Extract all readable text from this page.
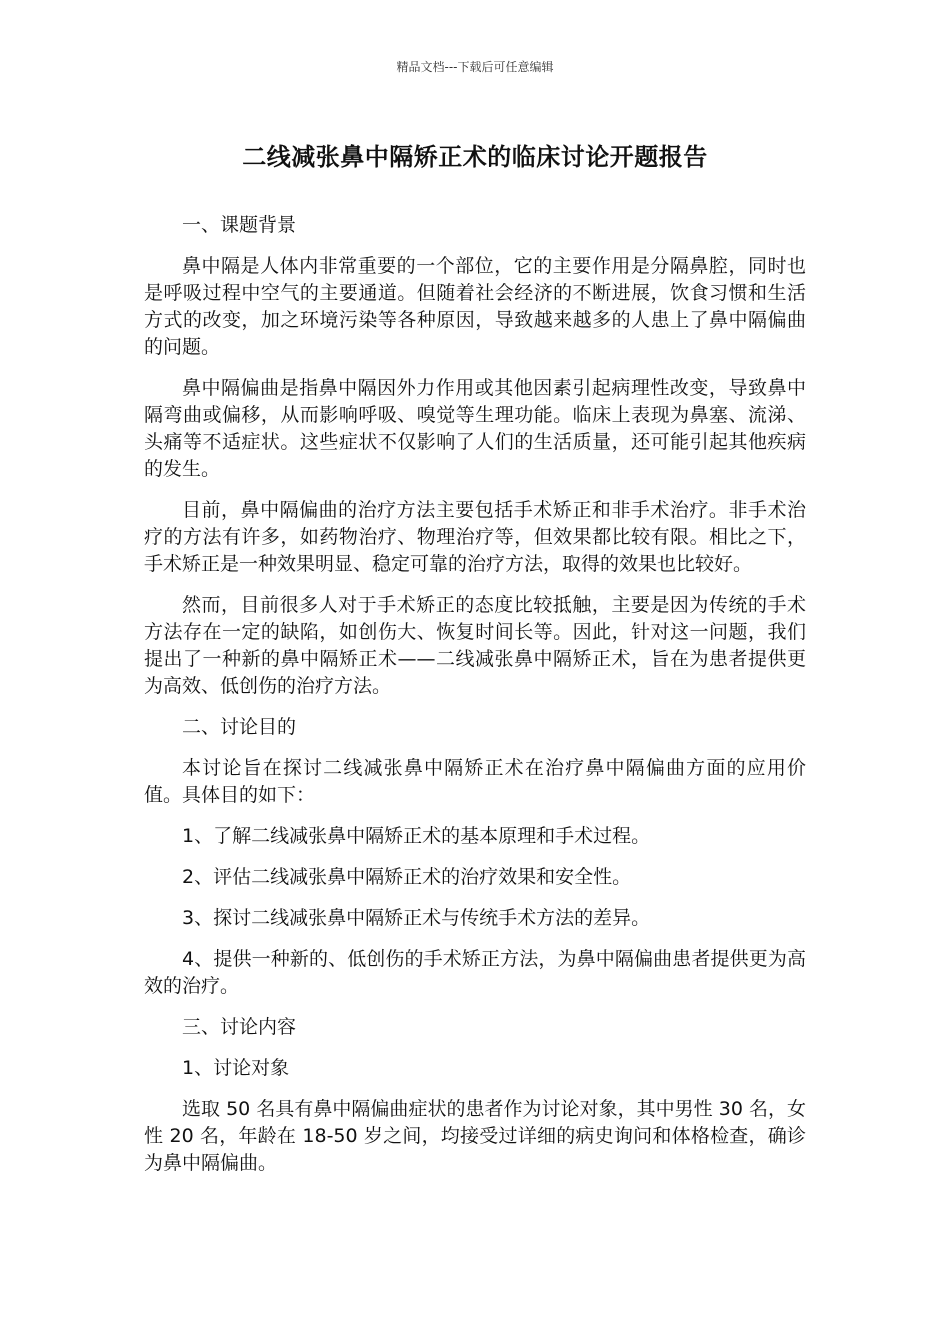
精品文档---下载后可任意编辑
二线减张鼻中隔矫正术的临床讨论开题报告

一、课题背景

鼻中隔是人体内非常重要的一个部位，它的主要作用是分隔鼻腔，同时也是呼吸过程中空气的主要通道。但随着社会经济的不断进展，饮食习惯和生活方式的改变，加之环境污染等各种原因，导致越来越多的人患上了鼻中隔偏曲的问题。

鼻中隔偏曲是指鼻中隔因外力作用或其他因素引起病理性改变，导致鼻中隔弯曲或偏移，从而影响呼吸、嗅觉等生理功能。临床上表现为鼻塞、流涕、头痛等不适症状。这些症状不仅影响了人们的生活质量，还可能引起其他疾病的发生。

目前，鼻中隔偏曲的治疗方法主要包括手术矫正和非手术治疗。非手术治疗的方法有许多，如药物治疗、物理治疗等，但效果都比较有限。相比之下，手术矫正是一种效果明显、稳定可靠的治疗方法，取得的效果也比较好。

然而，目前很多人对于手术矫正的态度比较抵触，主要是因为传统的手术方法存在一定的缺陷，如创伤大、恢复时间长等。因此，针对这一问题，我们提出了一种新的鼻中隔矫正术——二线减张鼻中隔矫正术，旨在为患者提供更为高效、低创伤的治疗方法。

二、讨论目的

本讨论旨在探讨二线减张鼻中隔矫正术在治疗鼻中隔偏曲方面的应用价值。具体目的如下：

1、了解二线减张鼻中隔矫正术的基本原理和手术过程。

2、评估二线减张鼻中隔矫正术的治疗效果和安全性。

3、探讨二线减张鼻中隔矫正术与传统手术方法的差异。

4、提供一种新的、低创伤的手术矫正方法，为鼻中隔偏曲患者提供更为高效的治疗。

三、讨论内容

1、讨论对象

选取 50 名具有鼻中隔偏曲症状的患者作为讨论对象，其中男性 30 名，女性 20 名，年龄在 18-50 岁之间，均接受过详细的病史询问和体格检查，确诊为鼻中隔偏曲。
